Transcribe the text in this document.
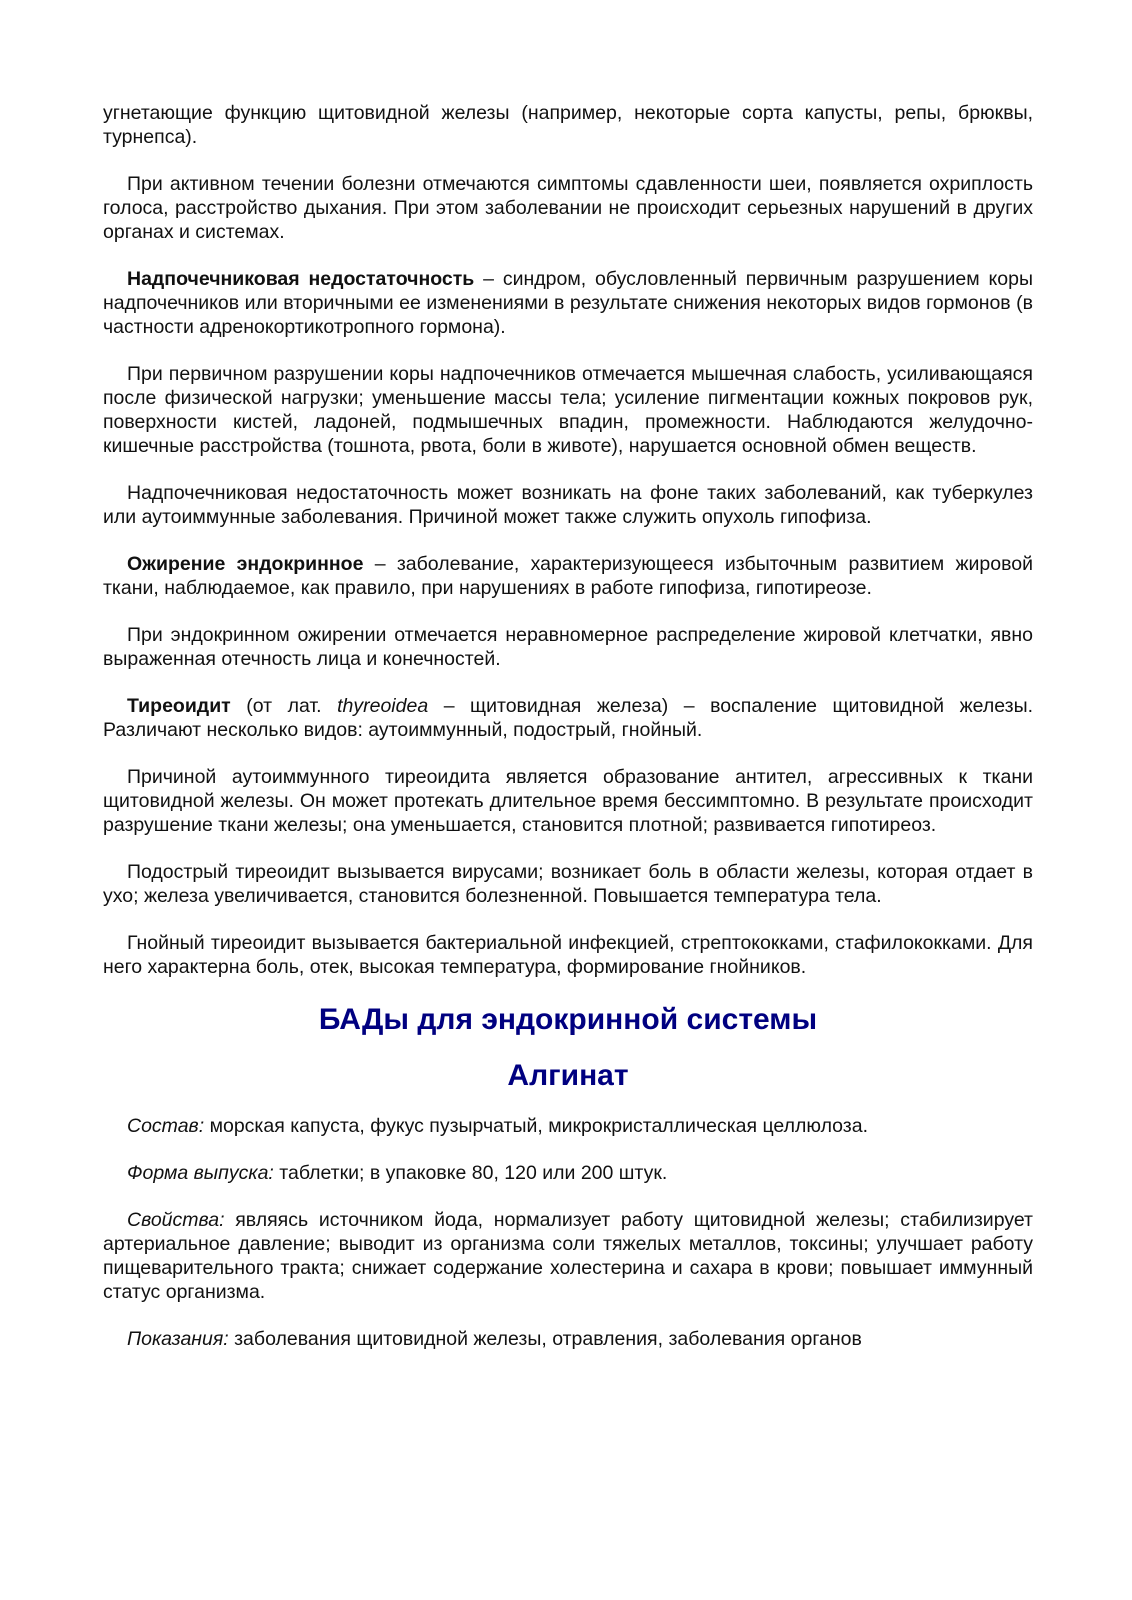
угнетающие функцию щитовидной железы (например, некоторые сорта капусты, репы, брюквы, турнепса).

При активном течении болезни отмечаются симптомы сдавленности шеи, появляется охриплость голоса, расстройство дыхания. При этом заболевании не происходит серьезных нарушений в других органах и системах.

Надпочечниковая недостаточность – синдром, обусловленный первичным разрушением коры надпочечников или вторичными ее изменениями в результате снижения некоторых видов гормонов (в частности адренокортикотропного гормона).

При первичном разрушении коры надпочечников отмечается мышечная слабость, усиливающаяся после физической нагрузки; уменьшение массы тела; усиление пигментации кожных покровов рук, поверхности кистей, ладоней, подмышечных впадин, промежности. Наблюдаются желудочно-кишечные расстройства (тошнота, рвота, боли в животе), нарушается основной обмен веществ.

Надпочечниковая недостаточность может возникать на фоне таких заболеваний, как туберкулез или аутоиммунные заболевания. Причиной может также служить опухоль гипофиза.

Ожирение эндокринное – заболевание, характеризующееся избыточным развитием жировой ткани, наблюдаемое, как правило, при нарушениях в работе гипофиза, гипотиреозе.

При эндокринном ожирении отмечается неравномерное распределение жировой клетчатки, явно выраженная отечность лица и конечностей.

Тиреоидит (от лат. thyreoidea – щитовидная железа) – воспаление щитовидной железы. Различают несколько видов: аутоиммунный, подострый, гнойный.

Причиной аутоиммунного тиреоидита является образование антител, агрессивных к ткани щитовидной железы. Он может протекать длительное время бессимптомно. В результате происходит разрушение ткани железы; она уменьшается, становится плотной; развивается гипотиреоз.

Подострый тиреоидит вызывается вирусами; возникает боль в области железы, которая отдает в ухо; железа увеличивается, становится болезненной. Повышается температура тела.

Гнойный тиреоидит вызывается бактериальной инфекцией, стрептококками, стафилококками. Для него характерна боль, отек, высокая температура, формирование гнойников.

БАДы для эндокринной системы
Алгинат

Состав: морская капуста, фукус пузырчатый, микрокристаллическая целлюлоза.

Форма выпуска: таблетки; в упаковке 80, 120 или 200 штук.

Свойства: являясь источником йода, нормализует работу щитовидной железы; стабилизирует артериальное давление; выводит из организма соли тяжелых металлов, токсины; улучшает работу пищеварительного тракта; снижает содержание холестерина и сахара в крови; повышает иммунный статус организма.

Показания: заболевания щитовидной железы, отравления, заболевания органов
